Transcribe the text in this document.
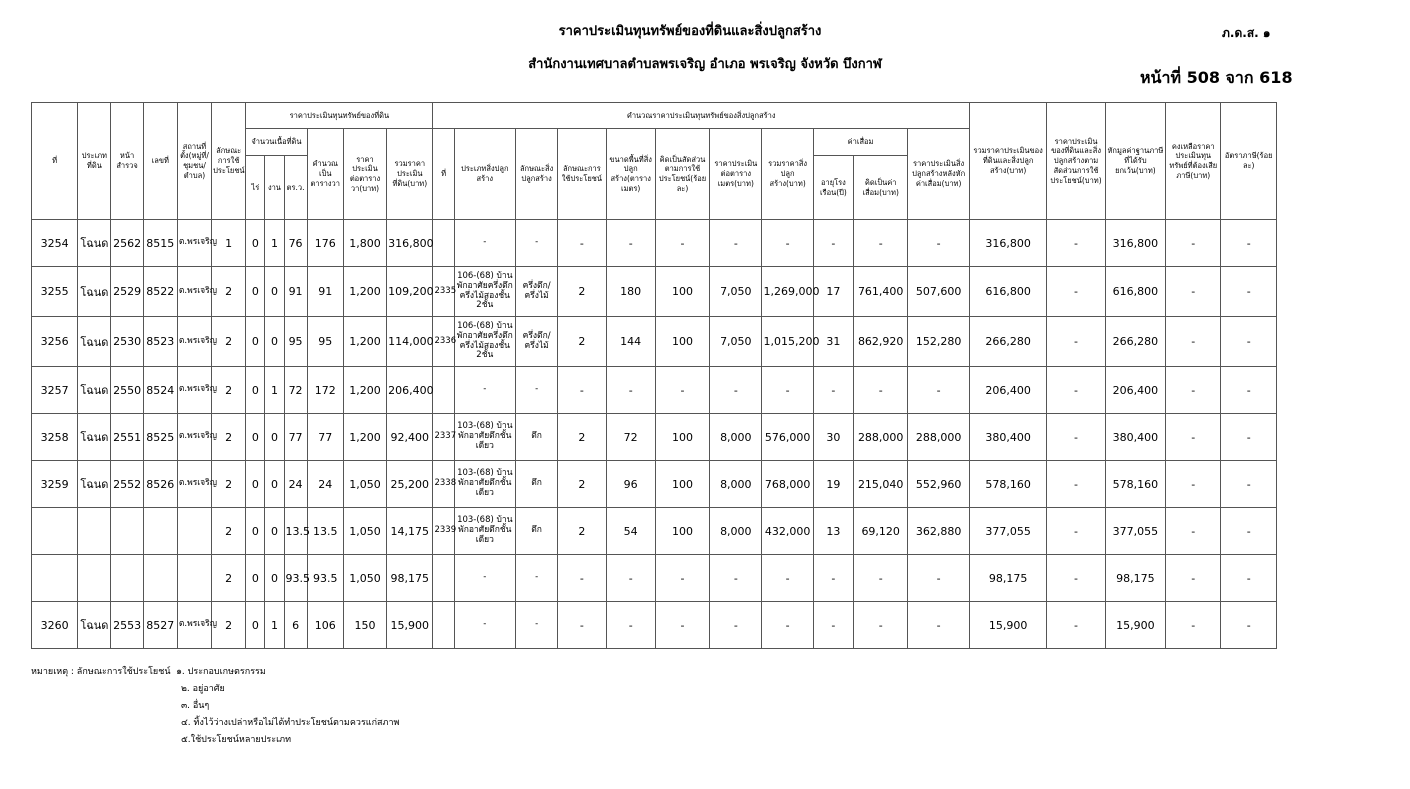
ราคาประเมินทุนทรัพย์ของที่ดินและสิ่งปลูกสร้าง
สำนักงานเทศบาลตำบลพรเจริญ อำเภอ พรเจริญ จังหวัด บึงกาฬ
ภ.ด.ส. ๑
หน้าที่ 508 จาก 618
ที่	ประเภทที่ดิน	หน้าสำรวจ	เลขที่	สถานที่ตั้ง(หมู่ที่/ชุมชน/ตำบล)	ลักษณะการใช้ประโยชน์	ราคาประเมินทุนทรัพย์ของที่ดิน						คำนวณราคาประเมินทุนทรัพย์ของสิ่งปลูกสร้าง											รวมราคาประเมินของที่ดินและสิ่งปลูกสร้าง(บาท)	ราคาประเมินของที่ดินและสิ่งปลูกสร้างตามสัดส่วนการใช้ประโยชน์(บาท)	หักมูลค่าฐานภาษีที่ได้รับยกเว้น(บาท)	คงเหลือราคาประเมินทุนทรัพย์ที่ต้องเสียภาษี(บาท)	อัตราภาษี(ร้อยละ)
						จำนวนเนื้อที่ดิน			คำนวณเป็นตารางวา	ราคาประเมินต่อตารางวา(บาท)	รวมราคาประเมินที่ดิน(บาท)	ที่	ประเภทสิ่งปลูกสร้าง	ลักษณะสิ่งปลูกสร้าง	ลักษณะการใช้ประโยชน์	ขนาดพื้นที่สิ่งปลูกสร้าง(ตารางเมตร)	คิดเป็นสัดส่วนตามการใช้ประโยชน์(ร้อยละ)	ราคาประเมินต่อตารางเมตร(บาท)	รวมราคาสิ่งปลูกสร้าง(บาท)	ค่าเสื่อม		ราคาประเมินสิ่งปลูกสร้างหลังหักค่าเสื่อม(บาท)					
						ไร่	งาน	ตร.ว.												อายุโรงเรือน(ปี)	คิดเป็นค่าเสื่อม(บาท)						
3254	โฉนด	2562	8515	ต.พรเจริญ	1	0	1	76	176	1,800	316,800		-	-	-	-	-	-	-	-	-	-	316,800	-	316,800	-	-
3255	โฉนด	2529	8522	ต.พรเจริญ	2	0	0	91	91	1,200	109,200	2335	106-(68) บ้านพักอาศัยครึ่งตึกครึ่งไม้สองชั้น 2ชั้น	ครึ่งตึก/ครึ่งไม้	2	180	100	7,050	1,269,000	17	761,400	507,600	616,800	-	616,800	-	-
3256	โฉนด	2530	8523	ต.พรเจริญ	2	0	0	95	95	1,200	114,000	2336	106-(68) บ้านพักอาศัยครึ่งตึกครึ่งไม้สองชั้น 2ชั้น	ครึ่งตึก/ครึ่งไม้	2	144	100	7,050	1,015,200	31	862,920	152,280	266,280	-	266,280	-	-
3257	โฉนด	2550	8524	ต.พรเจริญ	2	0	1	72	172	1,200	206,400		-	-	-	-	-	-	-	-	-	-	206,400	-	206,400	-	-
3258	โฉนด	2551	8525	ต.พรเจริญ	2	0	0	77	77	1,200	92,400	2337	103-(68) บ้านพักอาศัยตึกชั้นเดียว	ตึก	2	72	100	8,000	576,000	30	288,000	288,000	380,400	-	380,400	-	-
3259	โฉนด	2552	8526	ต.พรเจริญ	2	0	0	24	24	1,050	25,200	2338	103-(68) บ้านพักอาศัยตึกชั้นเดียว	ตึก	2	96	100	8,000	768,000	19	215,040	552,960	578,160	-	578,160	-	-
					2	0	0	13.5	13.5	1,050	14,175	2339	103-(68) บ้านพักอาศัยตึกชั้นเดียว	ตึก	2	54	100	8,000	432,000	13	69,120	362,880	377,055	-	377,055	-	-
					2	0	0	93.5	93.5	1,050	98,175		-	-	-	-	-	-	-	-	-	-	98,175	-	98,175	-	-
3260	โฉนด	2553	8527	ต.พรเจริญ	2	0	1	6	106	150	15,900		-	-	-	-	-	-	-	-	-	-	15,900	-	15,900	-	-
หมายเหตุ : ลักษณะการใช้ประโยชน์ ๑. ประกอบเกษตรกรรม
๒. อยู่อาศัย
๓. อื่นๆ
๔. ทิ้งไว้ว่างเปล่าหรือไม่ได้ทำประโยชน์ตามควรแก่สภาพ
๕.ใช้ประโยชน์หลายประเภท
